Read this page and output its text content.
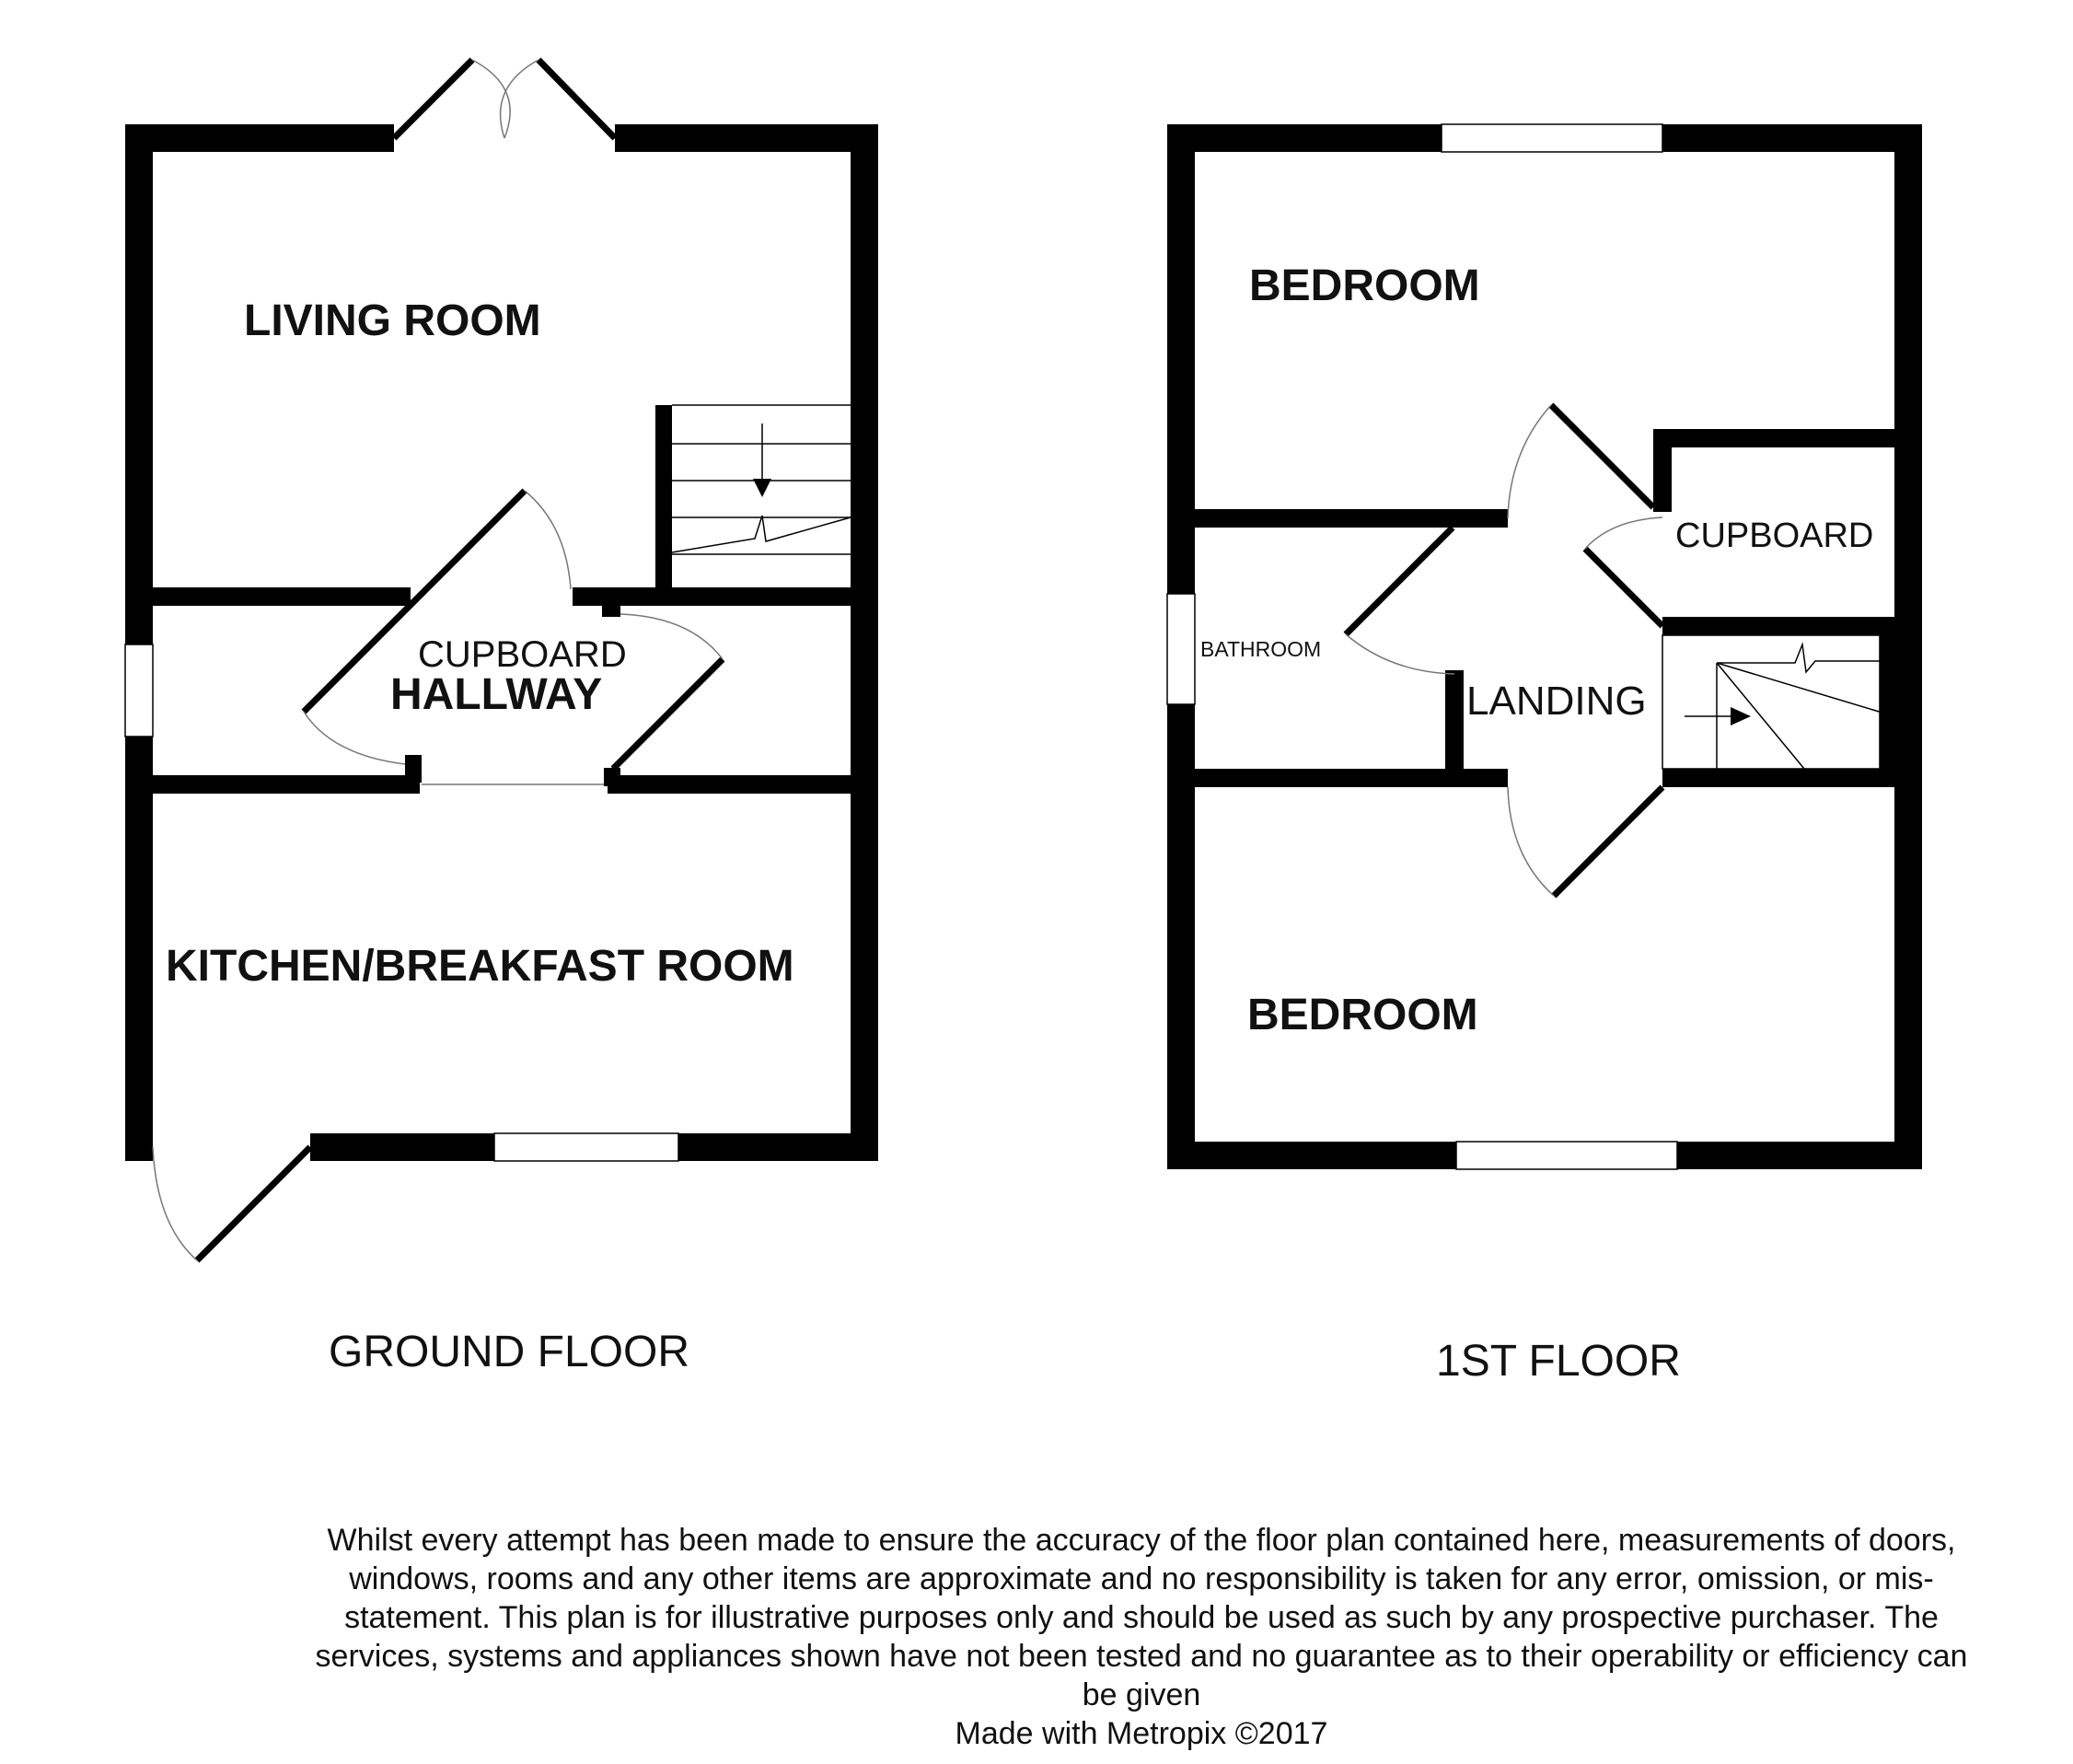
LIVING ROOM
CUPBOARD
HALLWAY
KITCHEN/BREAKFAST ROOM
GROUND FLOOR
BEDROOM
CUPBOARD
BATHROOM
LANDING
BEDROOM
1ST FLOOR
Whilst every attempt has been made to ensure the accuracy of the floor plan contained here, measurements of doors, windows, rooms and any other items are approximate and no responsibility is taken for any error, omission, or mis-statement. This plan is for illustrative purposes only and should be used as such by any prospective purchaser. The services, systems and appliances shown have not been tested and no guarantee as to their operability or efficiency can be given
Made with Metropix ©2017
